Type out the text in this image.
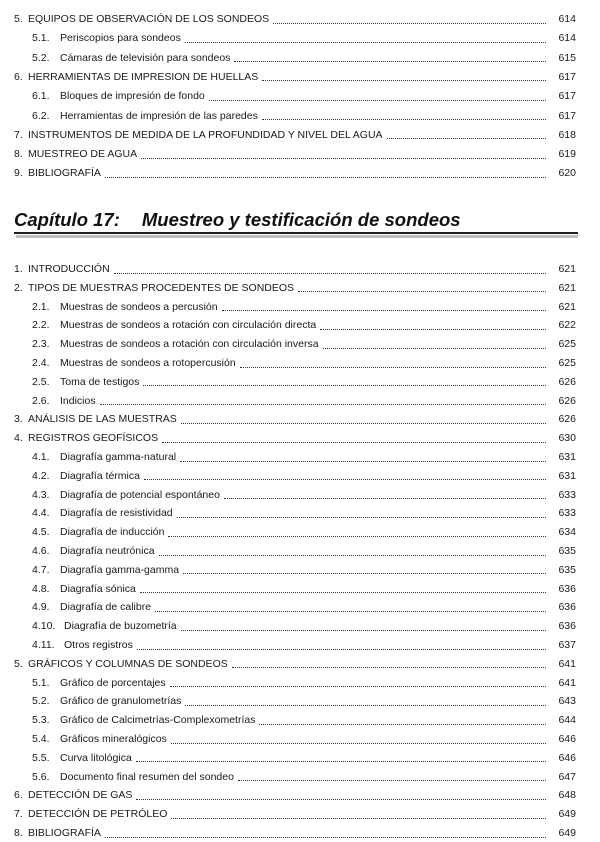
5. EQUIPOS DE OBSERVACIÓN DE LOS SONDEOS	614
5.1. Periscopios para sondeos	614
5.2. Cámaras de televisión para sondeos	615
6. HERRAMIENTAS DE IMPRESION DE HUELLAS	617
6.1. Bloques de impresión de fondo	617
6.2. Herramientas de impresión de las paredes	617
7. INSTRUMENTOS DE MEDIDA DE LA PROFUNDIDAD Y NIVEL DEL AGUA	618
8. MUESTREO DE AGUA	619
9. BIBLIOGRAFÍA	620
Capítulo 17: Muestreo y testificación de sondeos
1. INTRODUCCIÓN	621
2. TIPOS DE MUESTRAS PROCEDENTES DE SONDEOS	621
2.1. Muestras de sondeos a percusión	621
2.2. Muestras de sondeos a rotación con circulación directa	622
2.3. Muestras de sondeos a rotación con circulación inversa	625
2.4. Muestras de sondeos a rotopercusión	625
2.5. Toma de testigos	626
2.6. Indicios	626
3. ANÁLISIS DE LAS MUESTRAS	626
4. REGISTROS GEOFÍSICOS	630
4.1. Diagrafía gamma-natural	631
4.2. Diagrafía térmica	631
4.3. Diagrafía de potencial espontáneo	633
4.4. Diagrafía de resistividad	633
4.5. Diagrafía de inducción	634
4.6. Diagrafía neutrónica	635
4.7. Diagrafía gamma-gamma	635
4.8. Diagrafía sónica	636
4.9. Diagrafía de calibre	636
4.10. Diagrafía de buzometría	636
4.11. Otros registros	637
5. GRÁFICOS Y COLUMNAS DE SONDEOS	641
5.1. Gráfico de porcentajes	641
5.2. Gráfico de granulometrías	643
5.3. Gráfico de Calcimetrías-Complexometrías	644
5.4. Gráficos mineralógicos	646
5.5. Curva litológica	646
5.6. Documento final resumen del sondeo	647
6. DETECCIÓN DE GAS	648
7. DETECCIÓN DE PETRÓLEO	649
8. BIBLIOGRAFÍA	649
